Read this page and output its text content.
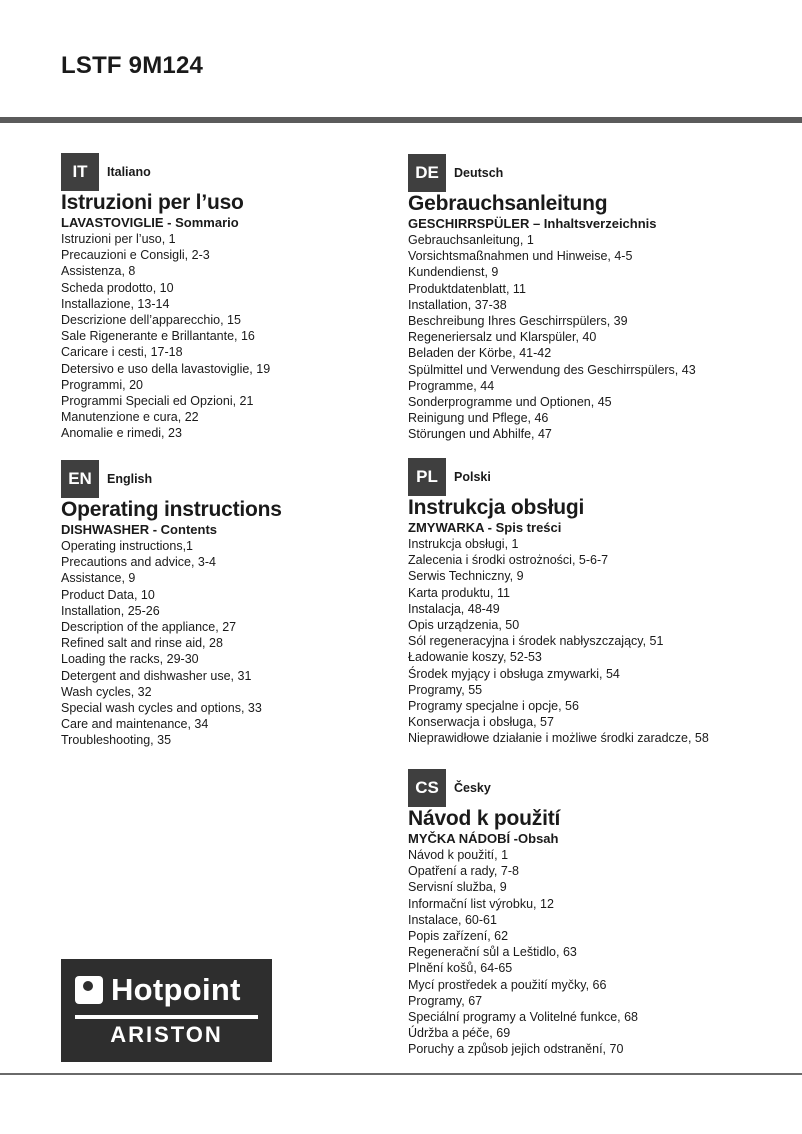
LSTF 9M124
IT	Italiano
Istruzioni per l’uso
LAVASTOVIGLIE - Sommario
Istruzioni per l’uso, 1
Precauzioni e Consigli, 2-3
Assistenza, 8
Scheda prodotto, 10
Installazione, 13-14
Descrizione dell’apparecchio, 15
Sale Rigenerante e Brillantante, 16
Caricare i cesti, 17-18
Detersivo e uso della lavastoviglie, 19
Programmi, 20
Programmi Speciali ed Opzioni, 21
Manutenzione e cura, 22
Anomalie e rimedi, 23
EN	English
Operating instructions
DISHWASHER - Contents
Operating instructions,1
Precautions and advice, 3-4
Assistance, 9
Product Data, 10
Installation, 25-26
Description of the appliance, 27
Refined salt and rinse aid, 28
Loading the racks, 29-30
Detergent and dishwasher use, 31
Wash cycles, 32
Special wash cycles and options, 33
Care and maintenance, 34
Troubleshooting, 35
DE	Deutsch
Gebrauchsanleitung
GESCHIRRSPÜLER – Inhaltsverzeichnis
Gebrauchsanleitung, 1
Vorsichtsmaßnahmen und Hinweise, 4-5
Kundendienst, 9
Produktdatenblatt, 11
Installation, 37-38
Beschreibung Ihres Geschirrspülers, 39
Regeneriersalz und Klarspüler, 40
Beladen der Körbe, 41-42
Spülmittel und Verwendung des Geschirrspülers, 43
Programme, 44
Sonderprogramme und Optionen, 45
Reinigung und Pflege, 46
Störungen und Abhilfe, 47
PL	Polski
Instrukcja obsługi
ZMYWARKA - Spis treści
Instrukcja obsługi, 1
Zalecenia i środki ostrożności, 5-6-7
Serwis Techniczny, 9
Karta produktu, 11
Instalacja, 48-49
Opis urządzenia, 50
Sól regeneracyjna i środek nabłyszczający, 51
Ładowanie koszy, 52-53
Środek myjący i obsługa zmywarki, 54
Programy, 55
Programy specjalne i opcje, 56
Konserwacja i obsługa, 57
Nieprawidłowe działanie i możliwe środki zaradcze, 58
CS	Česky
Návod k použití
MYČKA NÁDOBÍ -Obsah
Návod k použití, 1
Opatření a rady, 7-8
Servisní služba, 9
Informační list výrobku, 12
Instalace, 60-61
Popis zařízení, 62
Regenerační sůl a Leštidlo, 63
Plnění košů, 64-65
Mycí prostředek a použití myčky, 66
Programy, 67
Speciální programy a Volitelné funkce, 68
Údržba a péče, 69
Poruchy a způsob jejich odstranění, 70
Hotpoint
ARISTON
